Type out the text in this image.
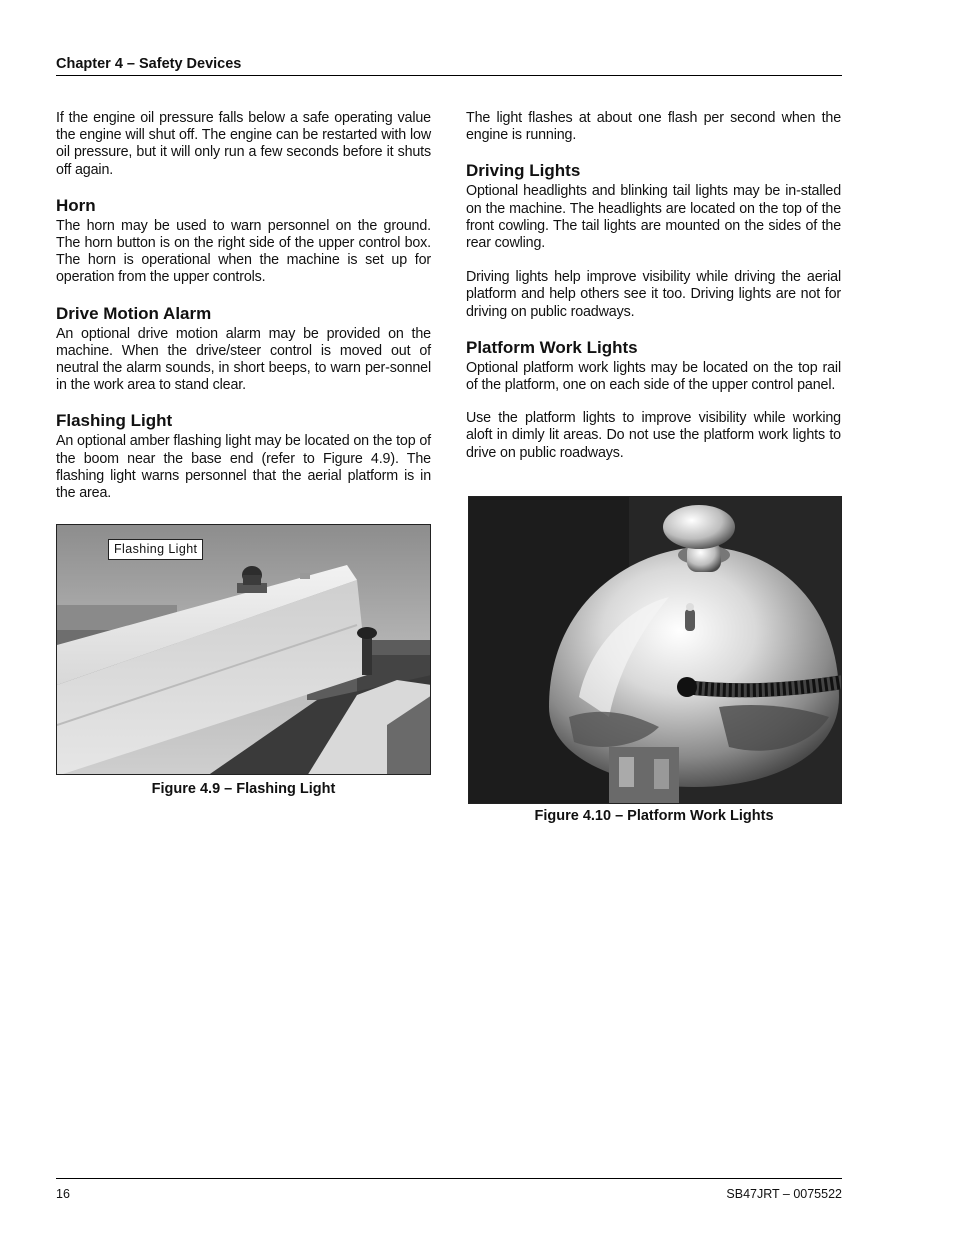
Chapter 4 – Safety Devices

If the engine oil pressure falls below a safe operating value the engine will shut off. The engine can be restarted with low oil pressure, but it will only run a few seconds before it shuts off again.

Horn

The horn may be used to warn personnel on the ground. The horn button is on the right side of the upper control box. The horn is operational when the machine is set up for operation from the upper controls.

Drive Motion Alarm

An optional drive motion alarm may be provided on the machine. When the drive/steer control is moved out of neutral the alarm sounds, in short beeps, to warn per-sonnel in the work area to stand clear.

Flashing Light

An optional amber flashing light may be located on the top of the boom near the base end (refer to Figure 4.9). The flashing light warns personnel that the aerial platform is in the area.

Flashing Light
Figure 4.9 – Flashing Light

The light flashes at about one flash per second when the engine is running.

Driving Lights

Optional headlights and blinking tail lights may be in-stalled on the machine. The headlights are located on the top of the front cowling. The tail lights are mounted on the sides of the rear cowling.

Driving lights help improve visibility while driving the aerial platform and help others see it too. Driving lights are not for driving on public roadways.

Platform Work Lights

Optional platform work lights may be located on the top rail of the platform, one on each side of the upper control panel.

Use the platform lights to improve visibility while working aloft in dimly lit areas. Do not use the platform work lights to drive on public roadways.

Figure 4.10 – Platform Work Lights
16	SB47JRT – 0075522
